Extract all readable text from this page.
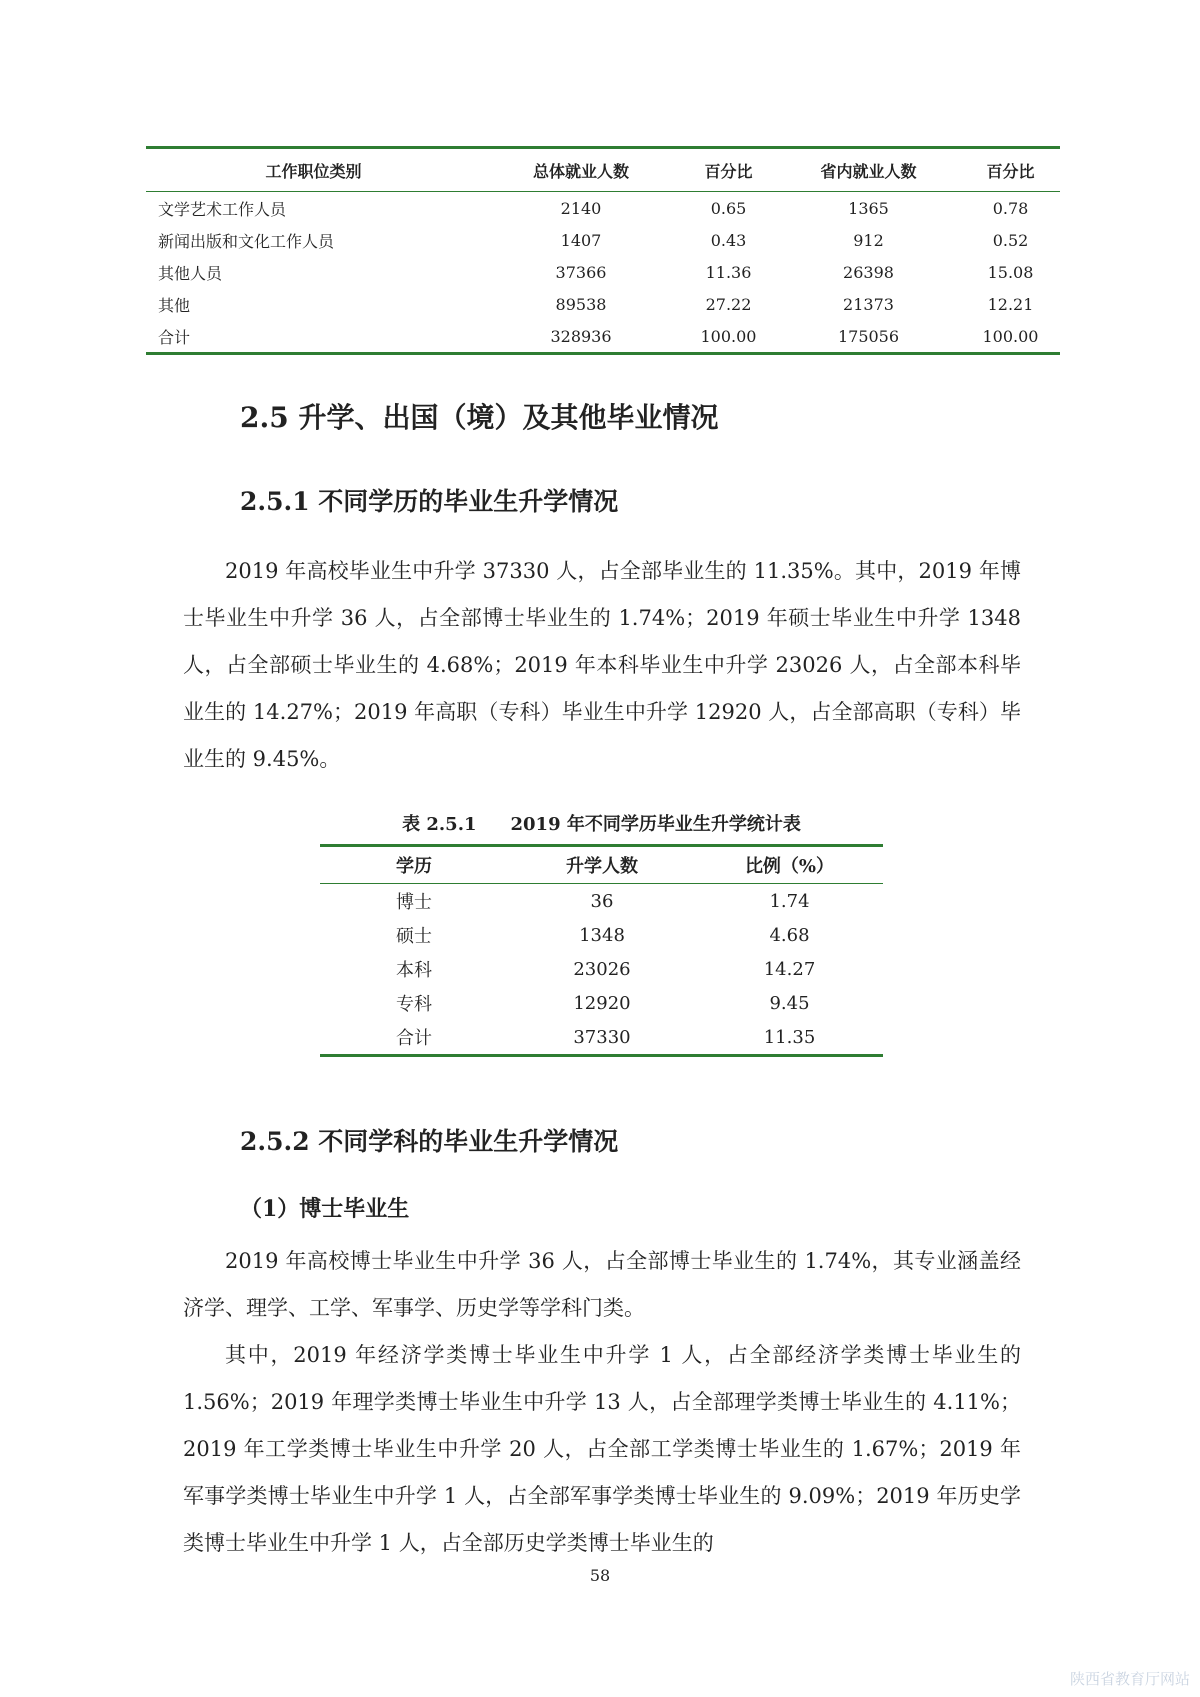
工作职位类别	总体就业人数	百分比	省内就业人数	百分比
文学艺术工作人员	2140	0.65	1365	0.78
新闻出版和文化工作人员	1407	0.43	912	0.52
其他人员	37366	11.36	26398	15.08
其他	89538	27.22	21373	12.21
合计	328936	100.00	175056	100.00
2.5 升学、出国（境）及其他毕业情况
2.5.1 不同学历的毕业生升学情况

2019 年高校毕业生中升学 37330 人，占全部毕业生的 11.35%。其中，2019 年博士毕业生中升学 36 人，占全部博士毕业生的 1.74%；2019 年硕士毕业生中升学 1348 人，占全部硕士毕业生的 4.68%；2019 年本科毕业生中升学 23026 人，占全部本科毕业生的 14.27%；2019 年高职（专科）毕业生中升学 12920 人，占全部高职（专科）毕业生的 9.45%。

表 2.5.1 2019 年不同学历毕业生升学统计表
学历	升学人数	比例（%）
博士	36	1.74
硕士	1348	4.68
本科	23026	14.27
专科	12920	9.45
合计	37330	11.35
2.5.2 不同学科的毕业生升学情况
（1）博士毕业生

2019 年高校博士毕业生中升学 36 人，占全部博士毕业生的 1.74%，其专业涵盖经济学、理学、工学、军事学、历史学等学科门类。

其中，2019 年经济学类博士毕业生中升学 1 人，占全部经济学类博士毕业生的 1.56%；2019 年理学类博士毕业生中升学 13 人，占全部理学类博士毕业生的 4.11%；2019 年工学类博士毕业生中升学 20 人，占全部工学类博士毕业生的 1.67%；2019 年军事学类博士毕业生中升学 1 人，占全部军事学类博士毕业生的 9.09%；2019 年历史学类博士毕业生中升学 1 人，占全部历史学类博士毕业生的

58
陕西省教育厅网站
